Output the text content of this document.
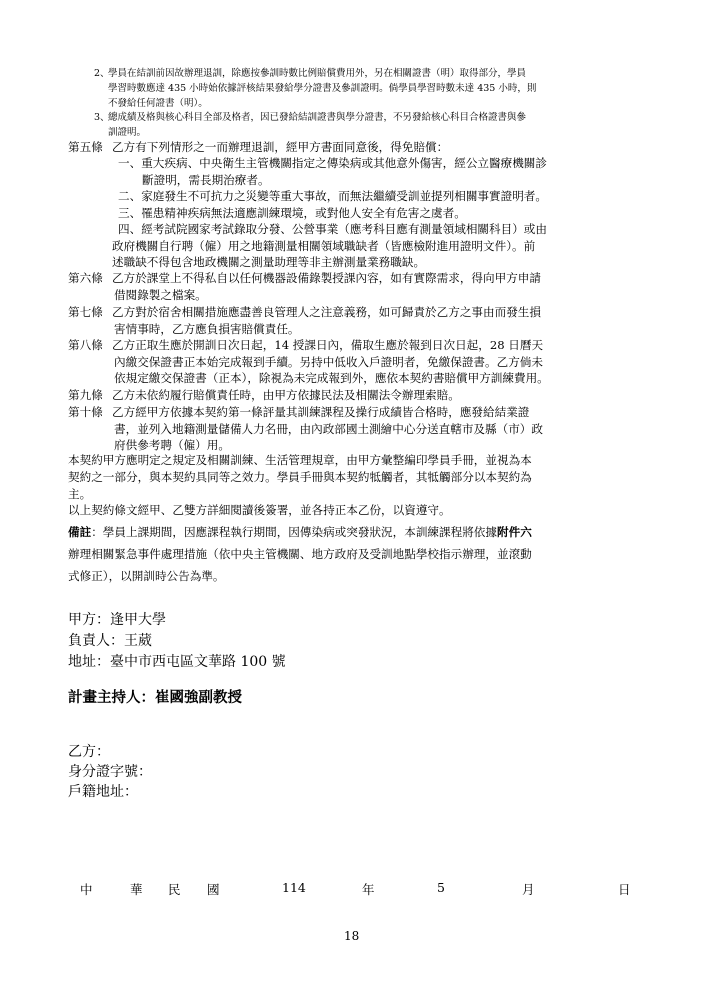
2、
學員在結訓前因故辦理退訓，除應按參訓時數比例賠償費用外，另在相關證書（明）取得部分，學員
學習時數應達 435 小時始依據評核結果發給學分證書及參訓證明。倘學員學習時數未達 435 小時，則
不發給任何證書（明）。
3、
總成績及格與核心科目全部及格者，因已發給結訓證書與學分證書，不另發給核心科目合格證書與參
訓證明。
第五條 乙方有下列情形之一而辦理退訓，經甲方書面同意後，得免賠償：
一、重大疾病、中央衛生主管機關指定之傳染病或其他意外傷害，經公立醫療機關診
斷證明，需長期治療者。
二、家庭發生不可抗力之災變等重大事故，而無法繼續受訓並提列相關事實證明者。
三、罹患精神疾病無法適應訓練環境，或對他人安全有危害之虞者。
四、經考試院國家考試錄取分發、公營事業（應考科目應有測量領域相關科目）或由
政府機關自行聘（僱）用之地籍測量相關領域職缺者（皆應檢附進用證明文件）。前
述職缺不得包含地政機關之測量助理等非主辦測量業務職缺。
第六條 乙方於課堂上不得私自以任何機器設備錄製授課內容，如有實際需求，得向甲方申請
借閱錄製之檔案。
第七條 乙方對於宿舍相關措施應盡善良管理人之注意義務，如可歸責於乙方之事由而發生損
害情事時，乙方應負損害賠償責任。
第八條 乙方正取生應於開訓日次日起，14 授課日內，備取生應於報到日次日起，28 日曆天
內繳交保證書正本始完成報到手續。另持中低收入戶證明者，免繳保證書。乙方倘未
依規定繳交保證書（正本），除視為未完成報到外，應依本契約書賠償甲方訓練費用。
第九條 乙方未依約履行賠償責任時，由甲方依據民法及相關法令辦理索賠。
第十條 乙方經甲方依據本契約第一條評量其訓練課程及操行成績皆合格時，應發給結業證
書，並列入地籍測量儲備人力名冊，由內政部國土測繪中心分送直轄市及縣（市）政
府供參考聘（僱）用。
本契約甲方應明定之規定及相關訓練、生活管理規章，由甲方彙整編印學員手冊，並視為本
契約之一部分，與本契約具同等之效力。學員手冊與本契約牴觸者，其牴觸部分以本契約為
主。
以上契約條文經甲、乙雙方詳細閱讀後簽署，並各持正本乙份，以資遵守。
備註：學員上課期間，因應課程執行期間，因傳染病或突發狀況，本訓練課程將依據附件六
辦理相關緊急事件處理措施（依中央主管機關、地方政府及受訓地點學校指示辦理，並滾動
式修正），以開訓時公告為準。
甲方：逢甲大學
負責人：王葳
地址：臺中市西屯區文華路 100 號
計畫主持人：崔國強副教授
乙方：
身分證字號：
戶籍地址：
中	華 民 國	114	年	5	月	日
18
